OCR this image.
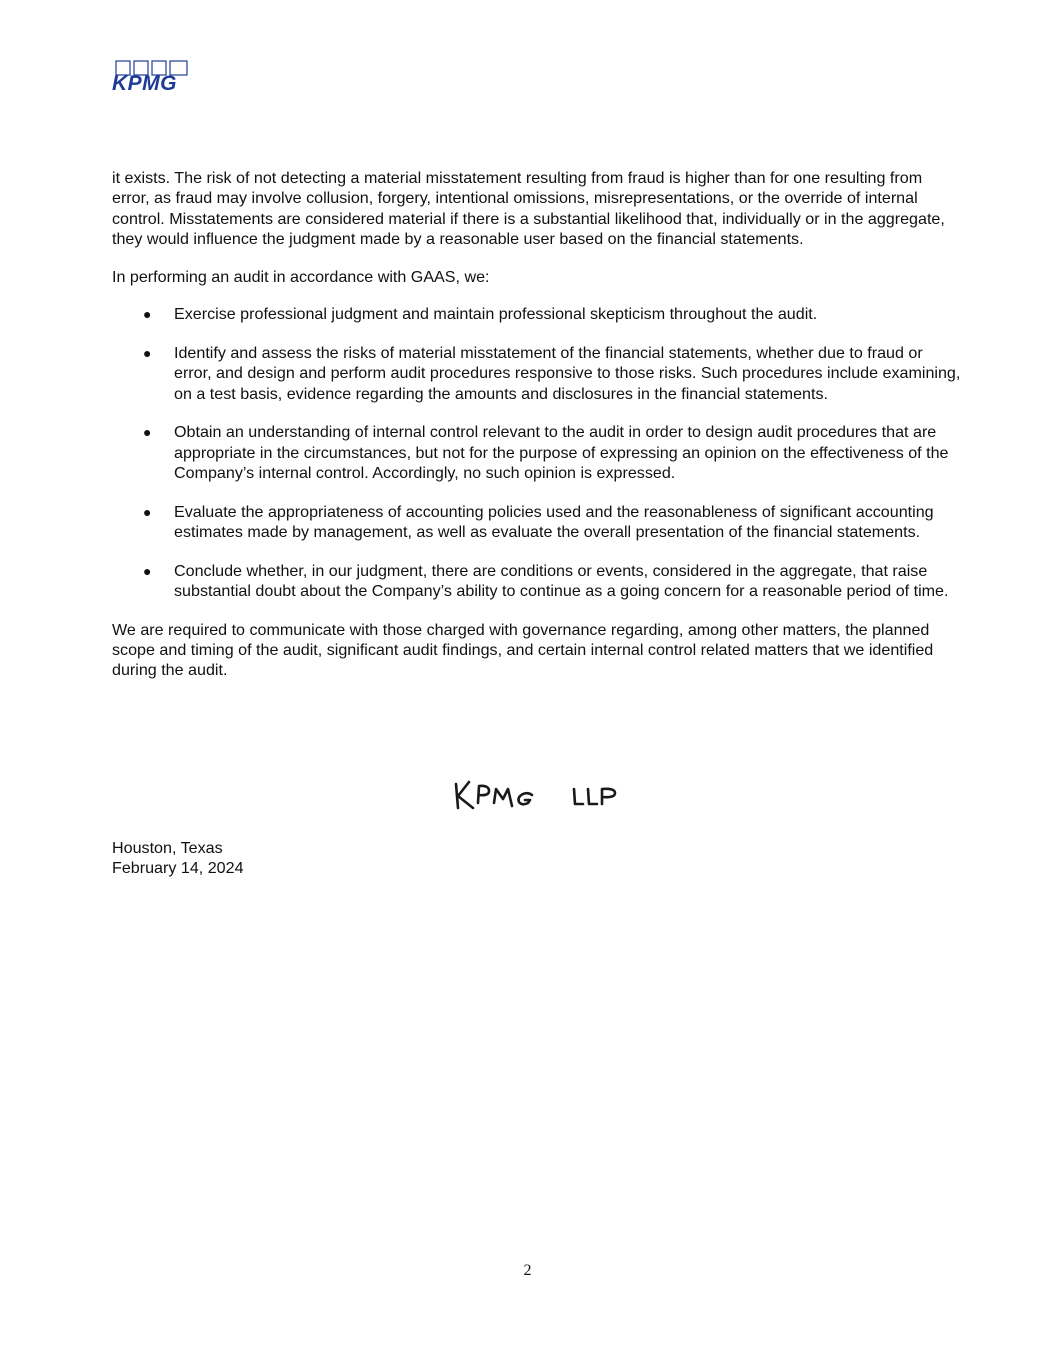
KPMG

it exists. The risk of not detecting a material misstatement resulting from fraud is higher than for one resulting from error, as fraud may involve collusion, forgery, intentional omissions, misrepresentations, or the override of internal control. Misstatements are considered material if there is a substantial likelihood that, individually or in the aggregate, they would influence the judgment made by a reasonable user based on the financial statements.

In performing an audit in accordance with GAAS, we:

● Exercise professional judgment and maintain professional skepticism throughout the audit.
● Identify and assess the risks of material misstatement of the financial statements, whether due to fraud or error, and design and perform audit procedures responsive to those risks. Such procedures include examining, on a test basis, evidence regarding the amounts and disclosures in the financial statements.
● Obtain an understanding of internal control relevant to the audit in order to design audit procedures that are appropriate in the circumstances, but not for the purpose of expressing an opinion on the effectiveness of the Company’s internal control. Accordingly, no such opinion is expressed.
● Evaluate the appropriateness of accounting policies used and the reasonableness of significant accounting estimates made by management, as well as evaluate the overall presentation of the financial statements.
● Conclude whether, in our judgment, there are conditions or events, considered in the aggregate, that raise substantial doubt about the Company’s ability to continue as a going concern for a reasonable period of time.

We are required to communicate with those charged with governance regarding, among other matters, the planned scope and timing of the audit, significant audit findings, and certain internal control related matters that we identified during the audit.

Houston, Texas
February 14, 2024
2
